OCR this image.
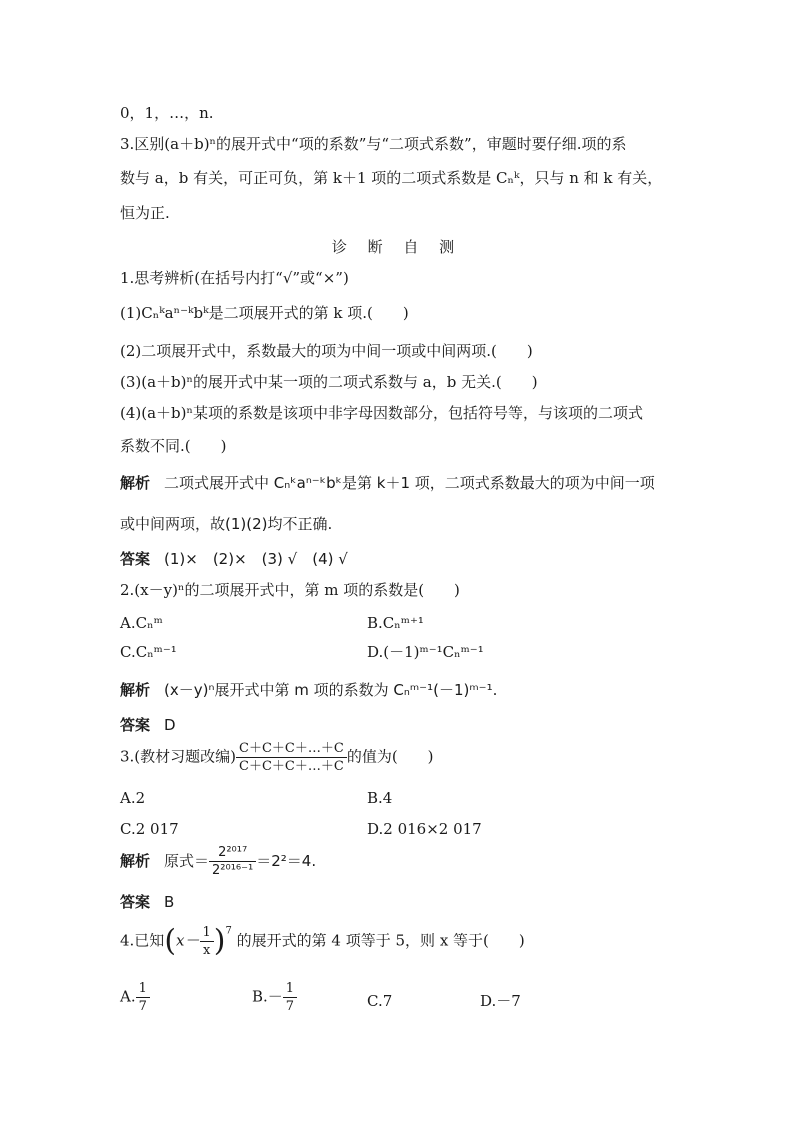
0，1，…，n.
3.区别(a＋b)ⁿ的展开式中“项的系数”与“二项式系数”，审题时要仔细.项的系
数与 a，b 有关，可正可负，第 k＋1 项的二项式系数是 Cₙᵏ，只与 n 和 k 有关，
恒为正.
诊 断 自 测
1.思考辨析(在括号内打“√”或“×”)
(1)Cₙᵏaⁿ⁻ᵏbᵏ是二项展开式的第 k 项.(　　)
(2)二项展开式中，系数最大的项为中间一项或中间两项.(　　)
(3)(a＋b)ⁿ的展开式中某一项的二项式系数与 a，b 无关.(　　)
(4)(a＋b)ⁿ某项的系数是该项中非字母因数部分，包括符号等，与该项的二项式
系数不同.(　　)
解析 二项式展开式中 Cₙᵏaⁿ⁻ᵏbᵏ是第 k＋1 项，二项式系数最大的项为中间一项
或中间两项，故(1)(2)均不正确.
答案 (1)×　(2)×　(3) √　(4) √
2.(x－y)ⁿ的二项展开式中，第 m 项的系数是(　　)
A.Cₙᵐ	B.Cₙᵐ⁺¹
C.Cₙᵐ⁻¹	D.(－1)ᵐ⁻¹Cₙᵐ⁻¹
解析 (x－y)ⁿ展开式中第 m 项的系数为 Cₙᵐ⁻¹(－1)ᵐ⁻¹.
答案 D
3.(教材习题改编) $\frac{C+C+C+\dots+C}{C+C+C+\dots+C}$ 的值为(　　)
A.2	B.4
C.2 017	D.2 016×2 017
解析 原式＝ $\frac{\text{2²⁰¹⁷}}{\text{2²⁰¹⁶⁻¹}} =2^2=4$.
答案 B
4.已知$(x- \frac{1}{x} )^7$ 的展开式的第 4 项等于 5，则 x 等于(　　)
A. $\frac{1}{7}$	$B.- \frac{1}{7}$	C.7	D.－7
